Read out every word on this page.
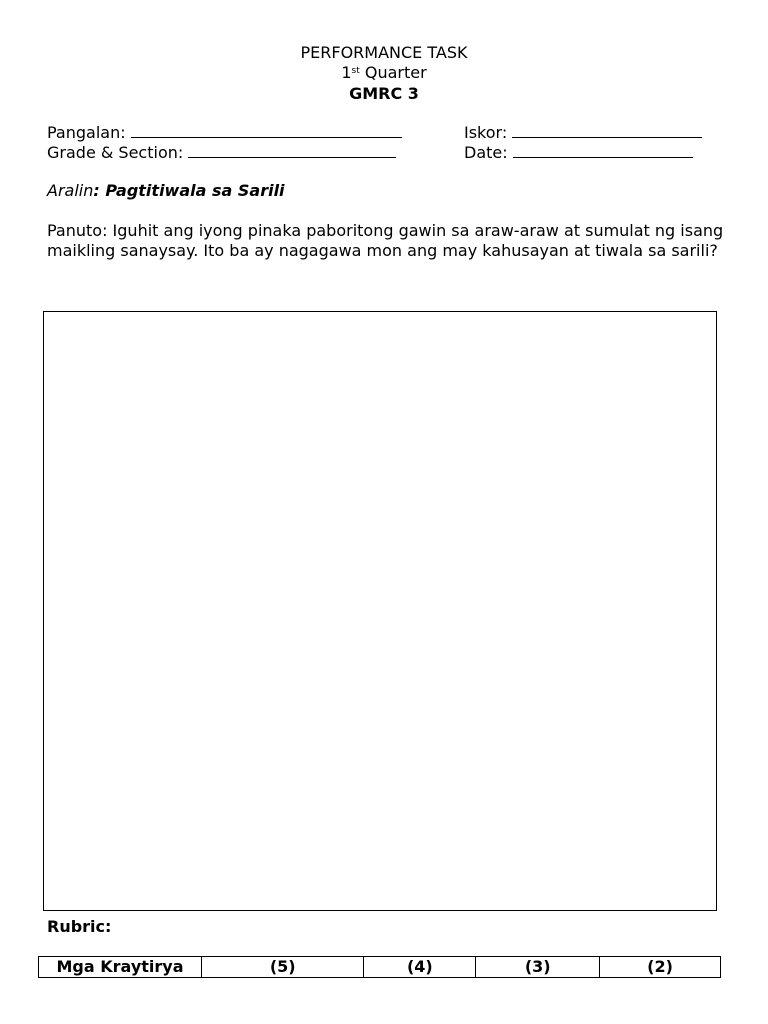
PERFORMANCE TASK
1st Quarter
GMRC 3
Pangalan:	Iskor:
Grade & Section:	Date:
Aralin: Pagtitiwala sa Sarili
Panuto: Iguhit ang iyong pinaka paboritong gawin sa araw-araw at sumulat ng isang maikling sanaysay. Ito ba ay nagagawa mon ang may kahusayan at tiwala sa sarili?
Rubric:
Mga Kraytirya	(5)	(4)	(3)	(2)
